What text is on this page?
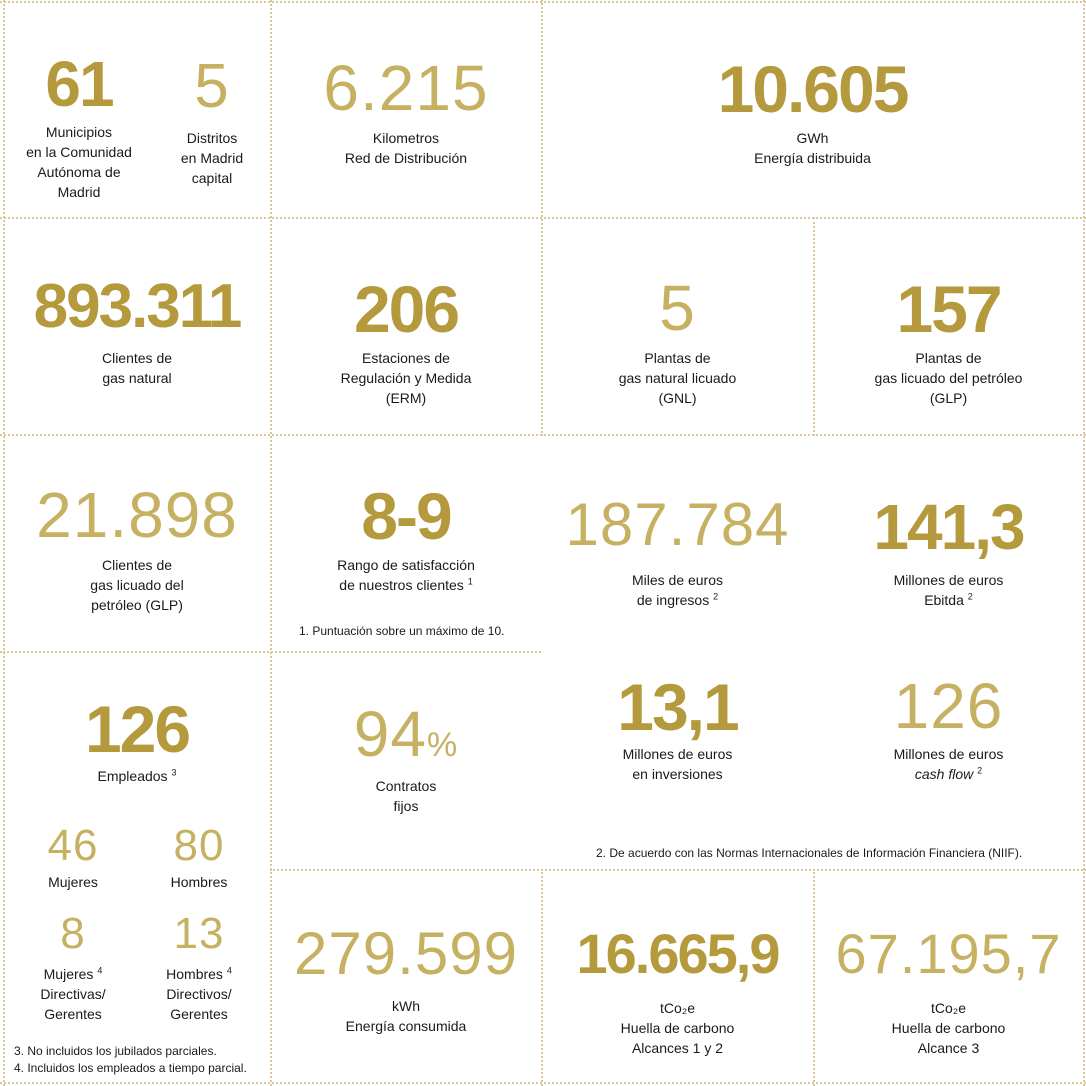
61
Municipios
en la Comunidad
Autónoma de
Madrid
5
Distritos
en Madrid
capital
6.215
Kilometros
Red de Distribución
10.605
GWh
Energía distribuida
893.311
Clientes de
gas natural
206
Estaciones de
Regulación y Medida
(ERM)
5
Plantas de
gas natural licuado
(GNL)
157
Plantas de
gas licuado del petróleo
(GLP)
21.898
Clientes de
gas licuado del
petróleo (GLP)
8-9
Rango de satisfacción
de nuestros clientes $^1$
1. Puntuación sobre un máximo de 10.
187.784
Miles de euros
de ingresos $^2$
141,3
Millones de euros
Ebitda $^2$
126
Empleados $^3$
46
Mujeres
80
Hombres
8
Mujeres $^4$
Directivas/
Gerentes
13
Hombres $^4$
Directivos/
Gerentes
3. No incluidos los jubilados parciales.
4. Incluidos los empleados a tiempo parcial.
94%
Contratos
fijos
13,1
Millones de euros
en inversiones
126
Millones de euros
cash flow $^2$
2. De acuerdo con las Normas Internacionales de Información Financiera (NIIF).
279.599
kWh
Energía consumida
16.665,9
tCo₂e
Huella de carbono
Alcances 1 y 2
67.195,7
tCo₂e
Huella de carbono
Alcance 3
